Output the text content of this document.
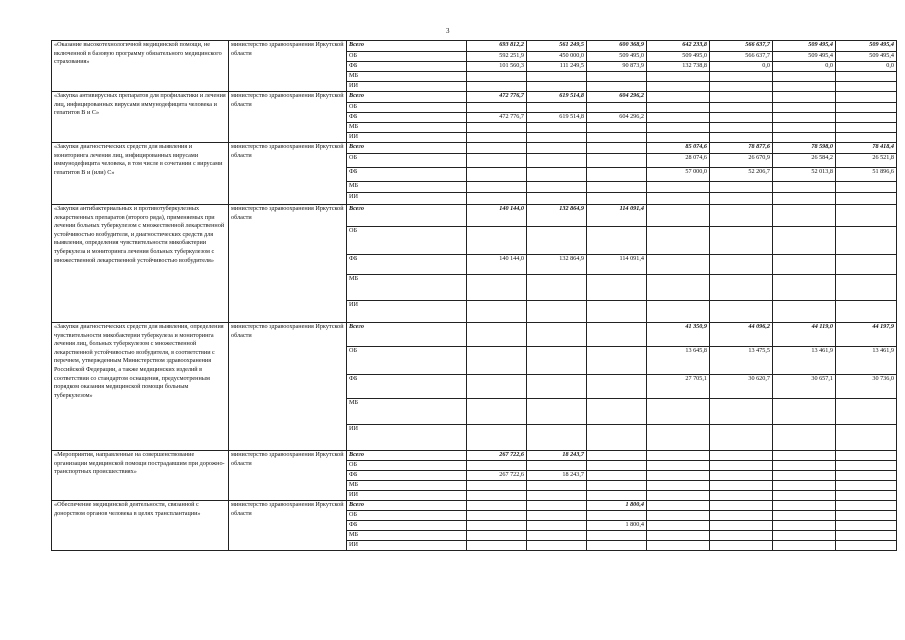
3
«Оказание высокотехнологичной медицинской помощи, не включенной в базовую программу обязательного медицинского страхования»	министерство здравоохранения Иркутской области	Всего	693 812,2	561 249,5	600 368,9	642 233,8	566 637,7	509 495,4	509 495,4
		ОБ	592 251,9	450 000,0	509 495,0	509 495,0	566 637,7	509 495,4	509 495,4
		ФБ	101 560,3	111 249,5	90 873,9	132 738,8	0,0	0,0	0,0
		МБ							
		ИИ							
«Закупка антивирусных препаратов для профилактики и лечения лиц, инфицированных вирусами иммунодефицита человека и гепатитов В и С»	министерство здравоохранения Иркутской области	Всего	472 776,7	619 514,8	604 296,2				
		ОБ							
		ФБ	472 776,7	619 514,8	604 296,2				
		МБ							
		ИИ							
«Закупки диагностических средств для выявления и мониторинга лечения лиц, инфицированных вирусами иммунодефицита человека, в том числе в сочетании с вирусами гепатитов В и (или) С»	министерство здравоохранения Иркутской области	Всего				85 074,6	78 877,6	78 598,0	78 418,4
		ОБ				28 074,6	26 670,9	26 584,2	26 521,8
		ФБ				57 000,0	52 206,7	52 013,8	51 896,6
		МБ							
		ИИ							
«Закупки антибактериальных и противотуберкулезных лекарственных препаратов (второго ряда), применяемых при лечении больных туберкулезом с множественной лекарственной устойчивостью возбудителя, и диагностических средств для выявления, определения чувствительности микобактерии туберкулеза и мониторинга лечения больных туберкулезом с множественной лекарственной устойчивостью возбудителя»	министерство здравоохранения Иркутской области	Всего	140 144,0	132 864,9	114 091,4				
		ОБ							
		ФБ	140 144,0	132 864,9	114 091,4				
		МБ							
		ИИ							
«Закупки диагностических средств для выявления, определения чувствительности микобактерии туберкулеза и мониторинга лечения лиц, больных туберкулезом с множественной лекарственной устойчивостью возбудителя, в соответствии с перечнем, утвержденным Министерством здравоохранения Российской Федерации, а также медицинских изделий в соответствии со стандартом оснащения, предусмотренным порядком оказания медицинской помощи больным туберкулезом»	министерство здравоохранения Иркутской области	Всего				41 350,9	44 096,2	44 119,0	44 197,9
		ОБ				13 645,8	13 475,5	13 461,9	13 461,9
		ФБ				27 705,1	30 620,7	30 657,1	30 736,0
		МБ							
		ИИ							
«Мероприятия, направленные на совершенствование организации медицинской помощи пострадавшим при дорожно-транспортных происшествиях»	министерство здравоохранения Иркутской области	Всего	267 722,6	18 243,7					
		ОБ							
		ФБ	267 722,6	18 243,7					
		МБ							
		ИИ							
«Обеспечение медицинской деятельности, связанной с донорством органов человека в целях трансплантации»	министерство здравоохранения Иркутской области	Всего			1 800,4				
		ОБ							
		ФБ			1 800,4				
		МБ							
		ИИ							
